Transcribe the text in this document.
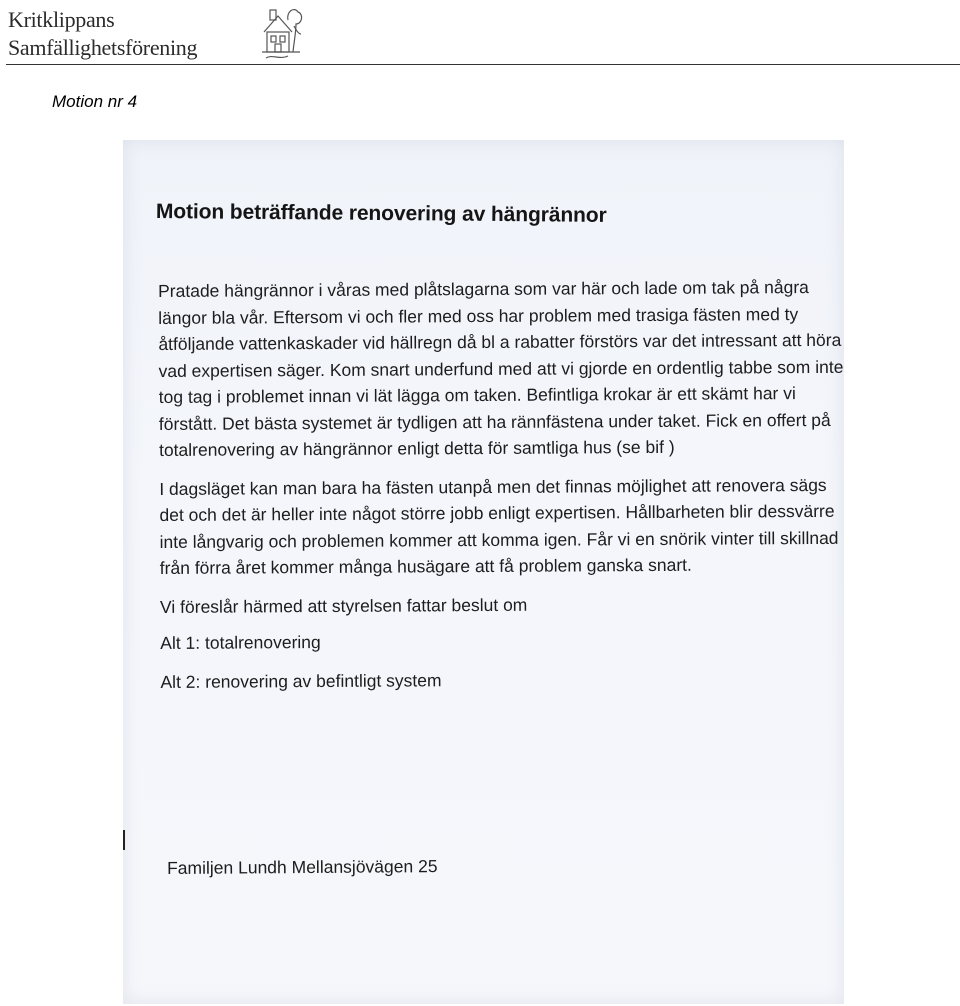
Kritklippans
Samfällighetsförening
Motion nr 4
Motion beträffande renovering av hängrännor

Pratade hängrännor i våras med plåtslagarna som var här och lade om tak på några längor bla vår. Eftersom vi och fler med oss har problem med trasiga fästen med ty åtföljande vattenkaskader vid hällregn då bl a rabatter förstörs var det intressant att höra vad expertisen säger. Kom snart underfund med att vi gjorde en ordentlig tabbe som inte tog tag i problemet innan vi lät lägga om taken. Befintliga krokar är ett skämt har vi förstått. Det bästa systemet är tydligen att ha rännfästena under taket. Fick en offert på totalrenovering av hängrännor enligt detta för samtliga hus (se bif )

I dagsläget kan man bara ha fästen utanpå men det finnas möjlighet att renovera sägs det och det är heller inte något större jobb enligt expertisen. Hållbarheten blir dessvärre inte långvarig och problemen kommer att komma igen. Får vi en snörik vinter till skillnad från förra året kommer många husägare att få problem ganska snart.

Vi föreslår härmed att styrelsen fattar beslut om

Alt 1: totalrenovering

Alt 2: renovering av befintligt system

Familjen Lundh Mellansjövägen 25
